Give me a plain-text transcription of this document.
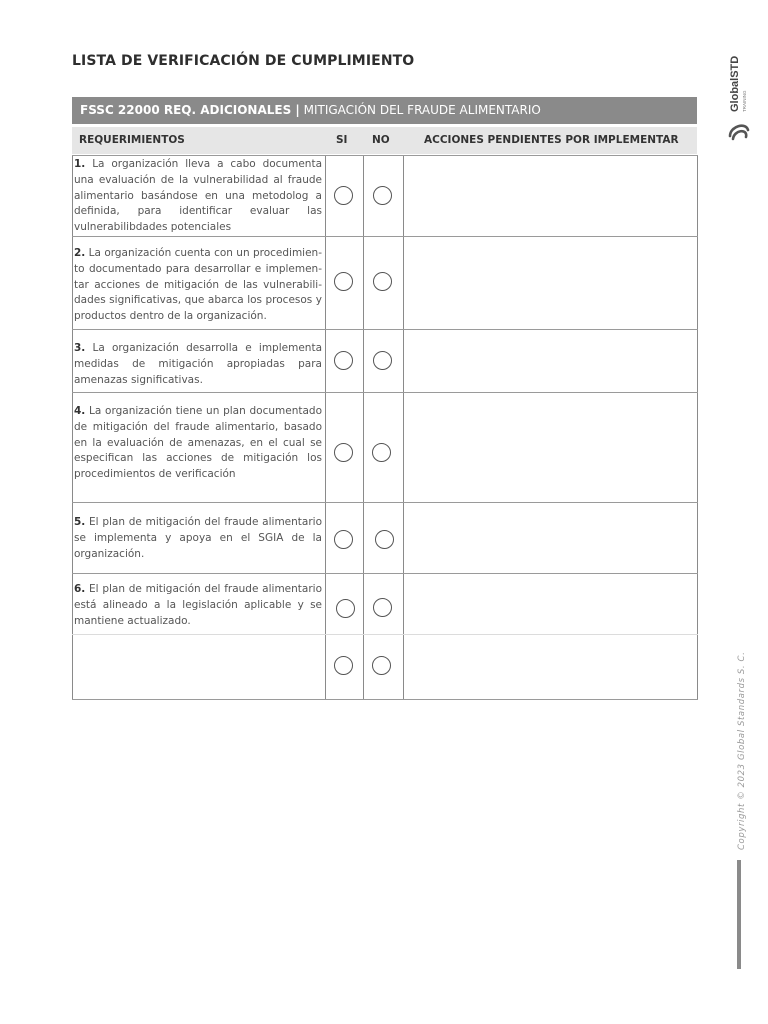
LISTA DE VERIFICACIÓN DE CUMPLIMIENTO
FSSC 22000 REQ. ADICIONALES | MITIGACIÓN DEL FRAUDE ALIMENTARIO
REQUERIMIENTOS	SI NO	ACCIONES PENDIENTES POR IMPLEMENTAR
1. La organización lleva a cabo documenta una evaluación de la vulnerabilidad al fraude alimentario basándose en una metodolog a definida, para identificar evaluar las vulnerabilibdades potenciales
2. La organización cuenta con un procedimien-to documentado para desarrollar e implemen-tar acciones de mitigación de las vulnerabili-dades significativas, que abarca los procesos y productos dentro de la organización.
3. La organización desarrolla e implementa medidas de mitigación apropiadas para amenazas significativas.
4. La organización tiene un plan documentado de mitigación del fraude alimentario, basado en la evaluación de amenazas, en el cual se especifican las acciones de mitigación los procedimientos de verificación
5. El plan de mitigación del fraude alimentario se implementa y apoya en el SGIA de la organización.
6. El plan de mitigación del fraude alimentario está alineado a la legislación aplicable y se mantiene actualizado.
GlobalSTD TRAINING
Copyright © 2023 Global Standards S. C.
